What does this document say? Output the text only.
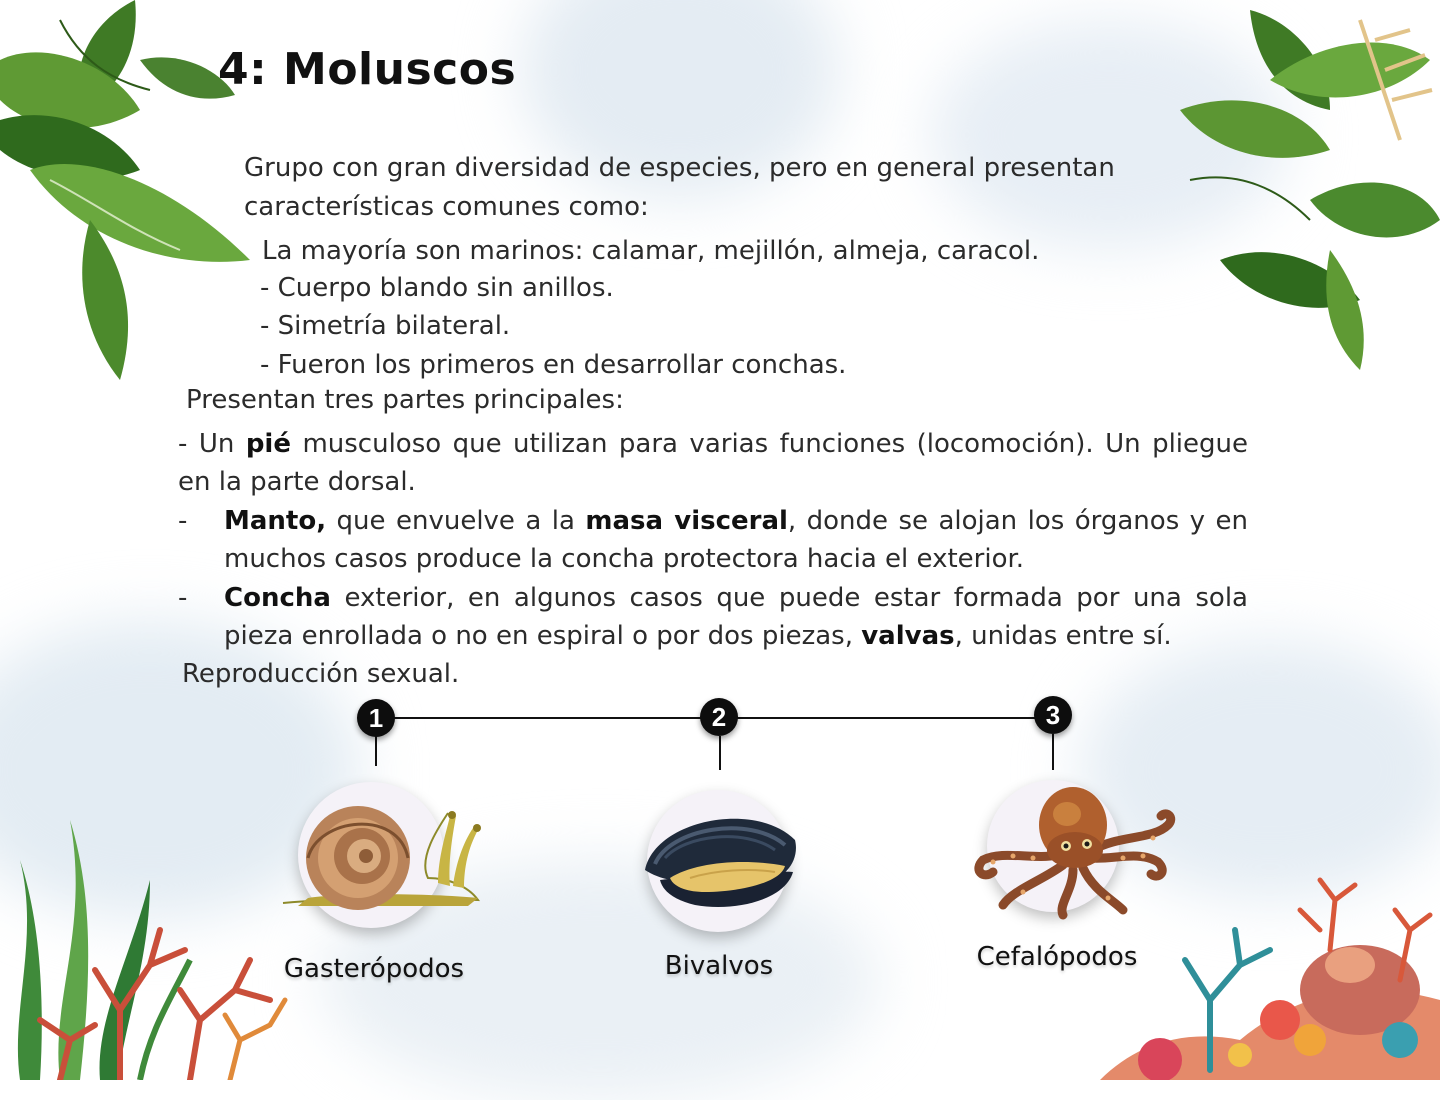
4: Moluscos
Grupo con gran diversidad de especies, pero en general presentan
características comunes como:
La mayoría son marinos: calamar, mejillón, almeja, caracol.
- Cuerpo blando sin anillos.
- Simetría bilateral.
- Fueron los primeros en desarrollar conchas.
Presentan tres partes principales:
- Un pié musculoso que utilizan para varias funciones (locomoción). Un pliegue en la parte dorsal.
- Manto, que envuelve a la masa visceral, donde se alojan los órganos y en muchos casos produce la concha protectora hacia el exterior.
- Concha exterior, en algunos casos que puede estar formada por una sola pieza enrollada o no en espiral o por dos piezas, valvas, unidas entre sí.
Reproducción sexual.
1	2	3
Gasterópodos	Bivalvos	Cefalópodos
